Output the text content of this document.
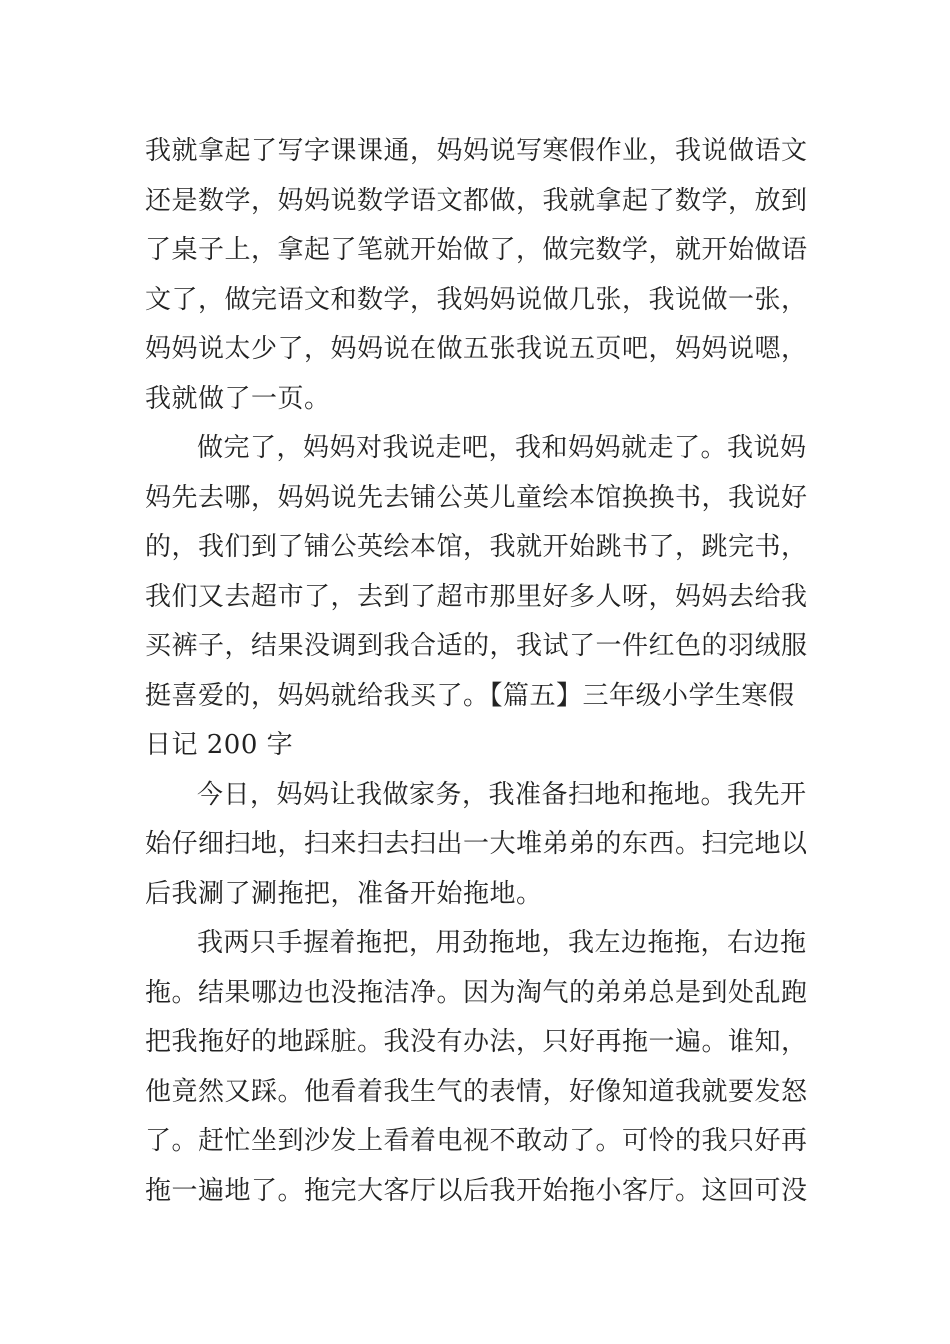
我就拿起了写字课课通，妈妈说写寒假作业，我说做语文
还是数学，妈妈说数学语文都做，我就拿起了数学，放到
了桌子上，拿起了笔就开始做了，做完数学，就开始做语
文了，做完语文和数学，我妈妈说做几张，我说做一张，
妈妈说太少了，妈妈说在做五张我说五页吧，妈妈说嗯，
我就做了一页。
做完了，妈妈对我说走吧，我和妈妈就走了。我说妈
妈先去哪，妈妈说先去铺公英儿童绘本馆换换书，我说好
的，我们到了铺公英绘本馆，我就开始跳书了，跳完书，
我们又去超市了，去到了超市那里好多人呀，妈妈去给我
买裤子，结果没调到我合适的，我试了一件红色的羽绒服
挺喜爱的，妈妈就给我买了。【篇五】三年级小学生寒假
日记 200 字
今日，妈妈让我做家务，我准备扫地和拖地。我先开
始仔细扫地，扫来扫去扫出一大堆弟弟的东西。扫完地以
后我涮了涮拖把，准备开始拖地。
我两只手握着拖把，用劲拖地，我左边拖拖，右边拖
拖。结果哪边也没拖洁净。因为淘气的弟弟总是到处乱跑
把我拖好的地踩脏。我没有办法，只好再拖一遍。谁知，
他竟然又踩。他看着我生气的表情，好像知道我就要发怒
了。赶忙坐到沙发上看着电视不敢动了。可怜的我只好再
拖一遍地了。拖完大客厅以后我开始拖小客厅。这回可没
